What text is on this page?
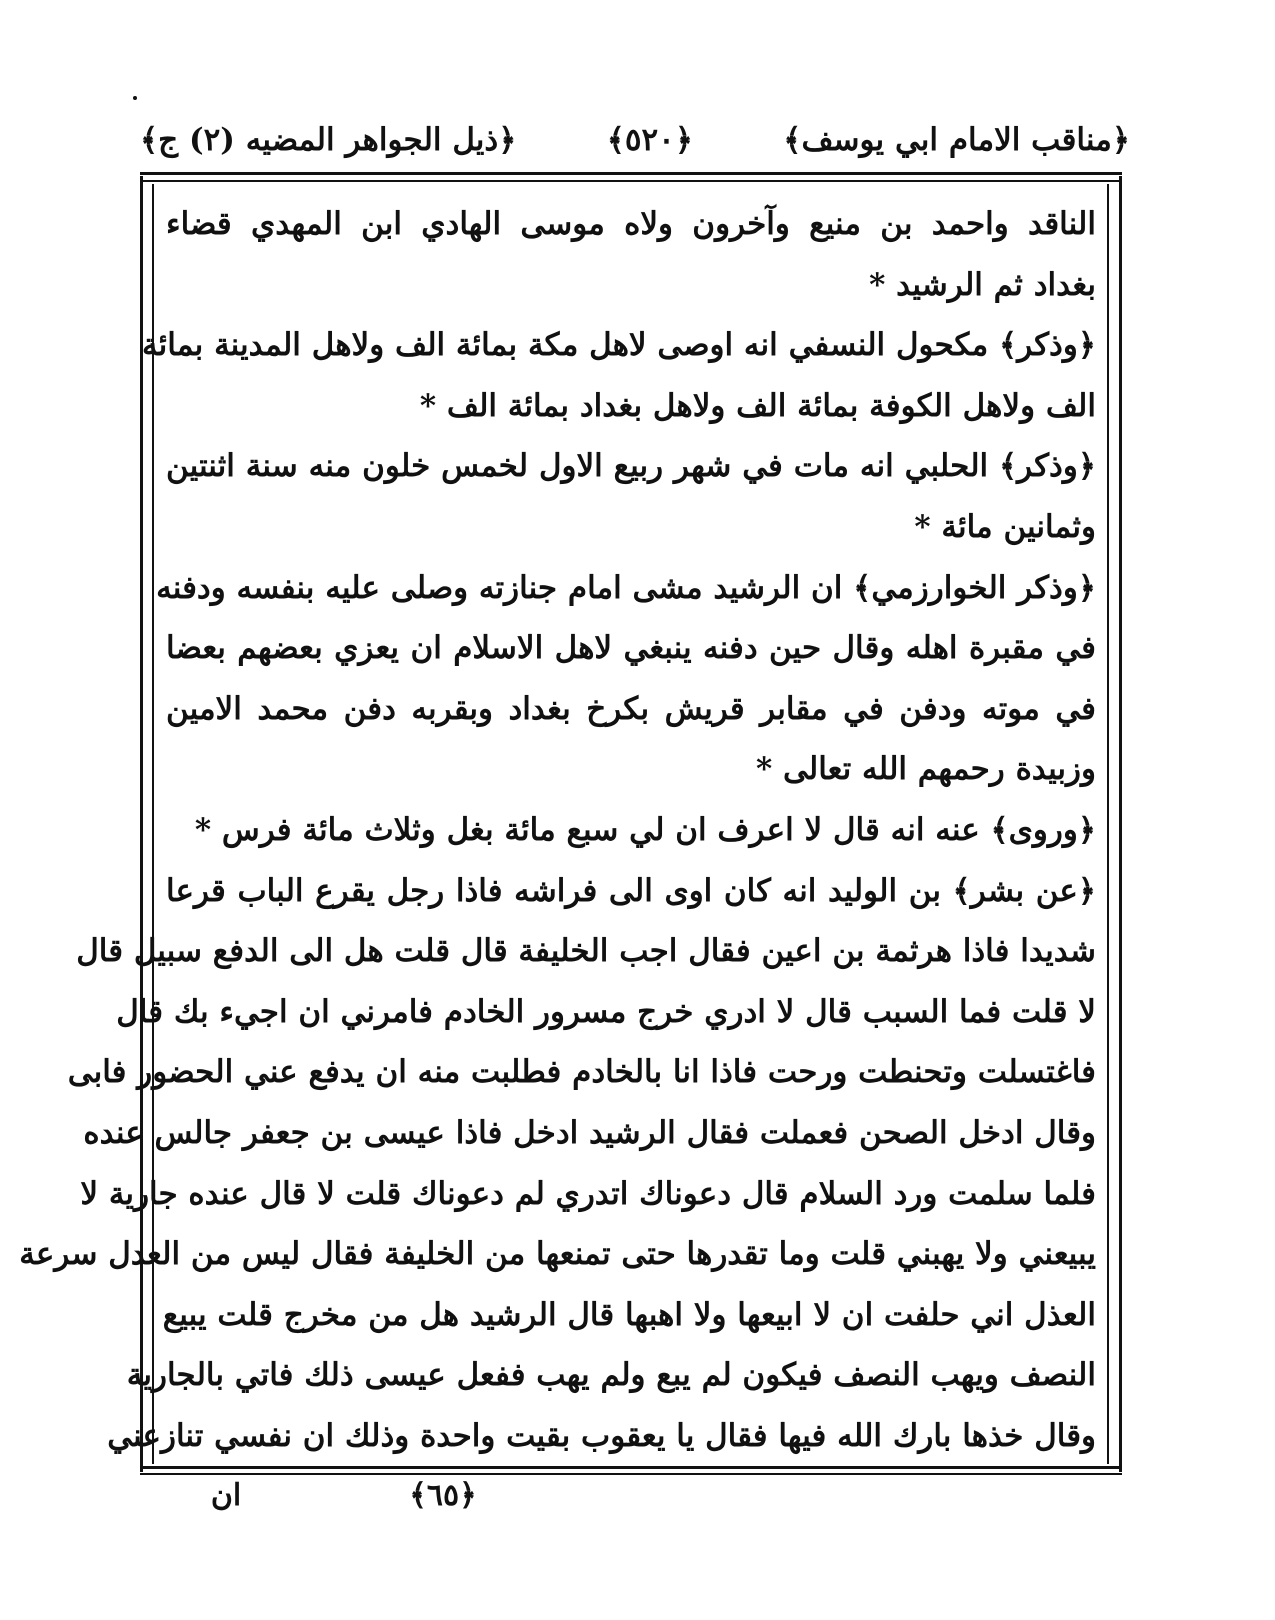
﴿مناقب الامام ابي يوسف﴾
﴿٥٢٠﴾
﴿ذيل الجواهر المضيه (٢) ج﴾
الناقد واحمد بن منيع وآخرون ولاه موسى الهادي ابن المهدي قضاء
بغداد ثم الرشيد *
﴿وذكر﴾ مكحول النسفي انه اوصى لاهل مكة بمائة الف ولاهل المدينة بمائة
الف ولاهل الكوفة بمائة الف ولاهل بغداد بمائة الف *
﴿وذكر﴾ الحلبي انه مات في شهر ربيع الاول لخمس خلون منه سنة اثنتين
وثمانين مائة *
﴿وذكر الخوارزمي﴾ ان الرشيد مشى امام جنازته وصلى عليه بنفسه ودفنه
في مقبرة اهله وقال حين دفنه ينبغي لاهل الاسلام ان يعزي بعضهم بعضا
في موته ودفن في مقابر قريش بكرخ بغداد وبقربه دفن محمد الامين
وزبيدة رحمهم الله تعالى *
﴿وروى﴾ عنه انه قال لا اعرف ان لي سبع مائة بغل وثلاث مائة فرس *
﴿عن بشر﴾ بن الوليد انه كان اوى الى فراشه فاذا رجل يقرع الباب قرعا
شديدا فاذا هرثمة بن اعين فقال اجب الخليفة قال قلت هل الى الدفع سبيل قال
لا قلت فما السبب قال لا ادري خرج مسرور الخادم فامرني ان اجيء بك قال
فاغتسلت وتحنطت ورحت فاذا انا بالخادم فطلبت منه ان يدفع عني الحضور فابى
وقال ادخل الصحن فعملت فقال الرشيد ادخل فاذا عيسى بن جعفر جالس عنده
فلما سلمت ورد السلام قال دعوناك اتدري لم دعوناك قلت لا قال عنده جارية لا
يبيعني ولا يهبني قلت وما تقدرها حتى تمنعها من الخليفة فقال ليس من العدل سرعة
العذل اني حلفت ان لا ابيعها ولا اهبها قال الرشيد هل من مخرج قلت يبيع
النصف ويهب النصف فيكون لم يبع ولم يهب ففعل عيسى ذلك فاتي بالجارية
وقال خذها بارك الله فيها فقال يا يعقوب بقيت واحدة وذلك ان نفسي تنازعني
﴿٦٥﴾
ان
